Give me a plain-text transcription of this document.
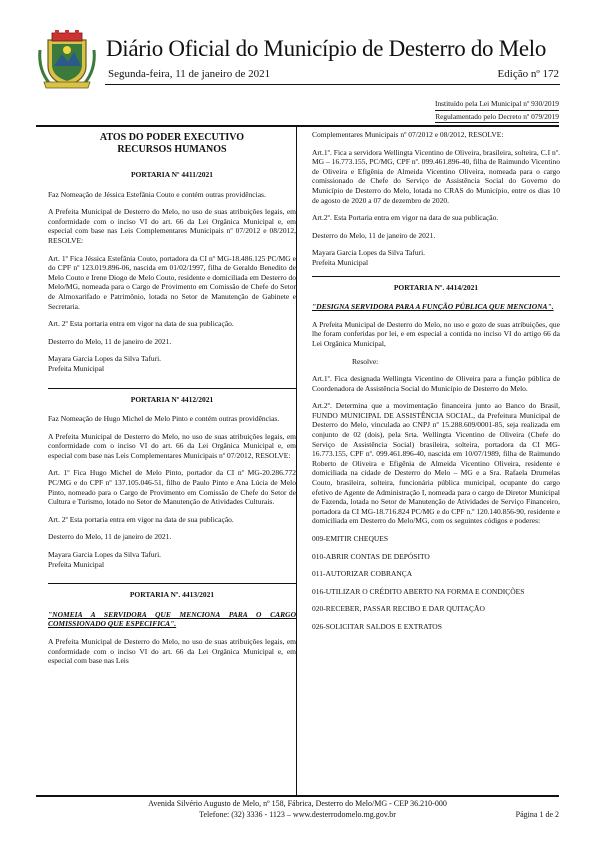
Diário Oficial do Município de Desterro do Melo
Segunda-feira, 11 de janeiro de 2021	Edição nº 172
Instituído pela Lei Municipal nº 930/2019
Regulamentado pelo Decreto nº 079/2019
ATOS DO PODER EXECUTIVO
RECURSOS HUMANOS
PORTARIA Nº 4411/2021

Faz Nomeação de Jéssica Estefânia Couto e contém outras providências.

A Prefeita Municipal de Desterro do Melo, no uso de suas atribuições legais, em conformidade com o inciso VI do art. 66 da Lei Orgânica Municipal e, em especial com base nas Leis Complementares Municipais nº 07/2012 e 08/2012, RESOLVE:

Art. 1º Fica Jéssica Estefânia Couto, portadora da CI nº MG-18.486.125 PC/MG e do CPF nº 123.019.896-06, nascida em 01/02/1997, filha de Geraldo Benedito de Melo Couto e Irene Diogo de Melo Couto, residente e domiciliada em Desterro do Melo/MG, nomeada para o Cargo de Provimento em Comissão de Chefe do Setor de Almoxarifado e Patrimônio, lotada no Setor de Manutenção de Gabinete e Secretaria.

Art. 2º Esta portaria entra em vigor na data de sua publicação.

Desterro do Melo, 11 de janeiro de 2021.

Mayara Garcia Lopes da Silva Tafuri.
Prefeita Municipal
PORTARIA Nº 4412/2021

Faz Nomeação de Hugo Michel de Melo Pinto e contém outras providências.

A Prefeita Municipal de Desterro do Melo, no uso de suas atribuições legais, em conformidade com o inciso VI do art. 66 da Lei Orgânica Municipal e, em especial com base nas Leis Complementares Municipais nº 07/2012, RESOLVE:

Art. 1º Fica Hugo Michel de Melo Pinto, portador da CI nº MG-20.286.772 PC/MG e do CPF nº 137.105.046-51, filho de Paulo Pinto e Ana Lúcia de Melo Pinto, nomeado para o Cargo de Provimento em Comissão de Chefe do Setor de Cultura e Turismo, lotado no Setor de Manutenção de Atividades Culturais.

Art. 2º Esta portaria entra em vigor na data de sua publicação.

Desterro do Melo, 11 de janeiro de 2021.

Mayara Garcia Lopes da Silva Tafuri.
Prefeita Municipal
PORTARIA Nº. 4413/2021

"NOMEIA A SERVIDORA QUE MENCIONA PARA O CARGO COMISSIONADO QUE ESPECIFICA".

A Prefeita Municipal de Desterro do Melo, no uso de suas atribuições legais, em conformidade com o inciso VI do art. 66 da Lei Orgânica Municipal e, em especial com base nas Leis

Complementares Municipais nº 07/2012 e 08/2012, RESOLVE:

Art.1º. Fica a servidora Wellingta Vicentino de Oliveira, brasileira, solteira, C.I nº. MG – 16.773.155, PC/MG, CPF nº. 099.461.896-40, filha de Raimundo Vicentino de Oliveira e Efigênia de Almeida Vicentino Oliveira, nomeada para o cargo comissionado de Chefe do Serviço de Assistência Social do Governo do Município de Desterro do Melo, lotada no CRAS do Município, entre os dias 10 de agosto de 2020 a 07 de dezembro de 2020.

Art.2º. Esta Portaria entra em vigor na data de sua publicação.

Desterro do Melo, 11 de janeiro de 2021.

Mayara Garcia Lopes da Silva Tafuri.
Prefeita Municipal
PORTARIA Nº. 4414/2021

"DESIGNA SERVIDORA PARA A FUNÇÃO PÚBLICA QUE MENCIONA".

A Prefeita Municipal de Desterro do Melo, no uso e gozo de suas atribuições, que lhe foram conferidas por lei, e em especial a contida no inciso VI do artigo 66 da Lei Orgânica Municipal,

Resolve:

Art.1º. Fica designada Wellingta Vicentino de Oliveira para a função pública de Coordenadora de Assistência Social do Município de Desterro do Melo.

Art.2º. Determina que a movimentação financeira junto ao Banco do Brasil, FUNDO MUNICIPAL DE ASSISTÊNCIA SOCIAL, da Prefeitura Municipal de Desterro do Melo, vinculada ao CNPJ nº 15.288.609/0001-85, seja realizada em conjunto de 02 (dois), pela Srta. Wellingta Vicentino de Oliveira (Chefe do Serviço de Assistência Social) brasileira, solteira, portadora da CI MG-16.773.155, CPF nº. 099.461.896-40, nascida em 10/07/1989, filha de Raimundo Roberto de Oliveira e Efigênia de Almeida Vicentino Oliveira, residente e domiciliada na cidade de Desterro do Melo – MG e a Sra. Rafaela Drumelas Couto, brasileira, solteira, funcionária pública municipal, ocupante do cargo efetivo de Agente de Administração I, nomeada para o cargo de Diretor Municipal de Fazenda, lotada no Setor de Manutenção de Atividades de Serviço Financeiro, portadora da CI MG-18.716.824 PC/MG e do CPF n.º 120.140.856-90, residente e domiciliada em Desterro do Melo/MG, com os seguintes códigos e poderes:

009-EMITIR CHEQUES

010-ABRIR CONTAS DE DEPÓSITO

011-AUTORIZAR COBRANÇA

016-UTILIZAR O CRÉDITO ABERTO NA FORMA E CONDIÇÕES

020-RECEBER, PASSAR RECIBO E DAR QUITAÇÃO

026-SOLICITAR SALDOS E EXTRATOS

Avenida Silvério Augusto de Melo, nº 158, Fábrica, Desterro do Melo/MG - CEP 36.210-000
Telefone: (32) 3336 - 1123 – www.desterrodomelo.mg.gov.br	Página 1 de 2
